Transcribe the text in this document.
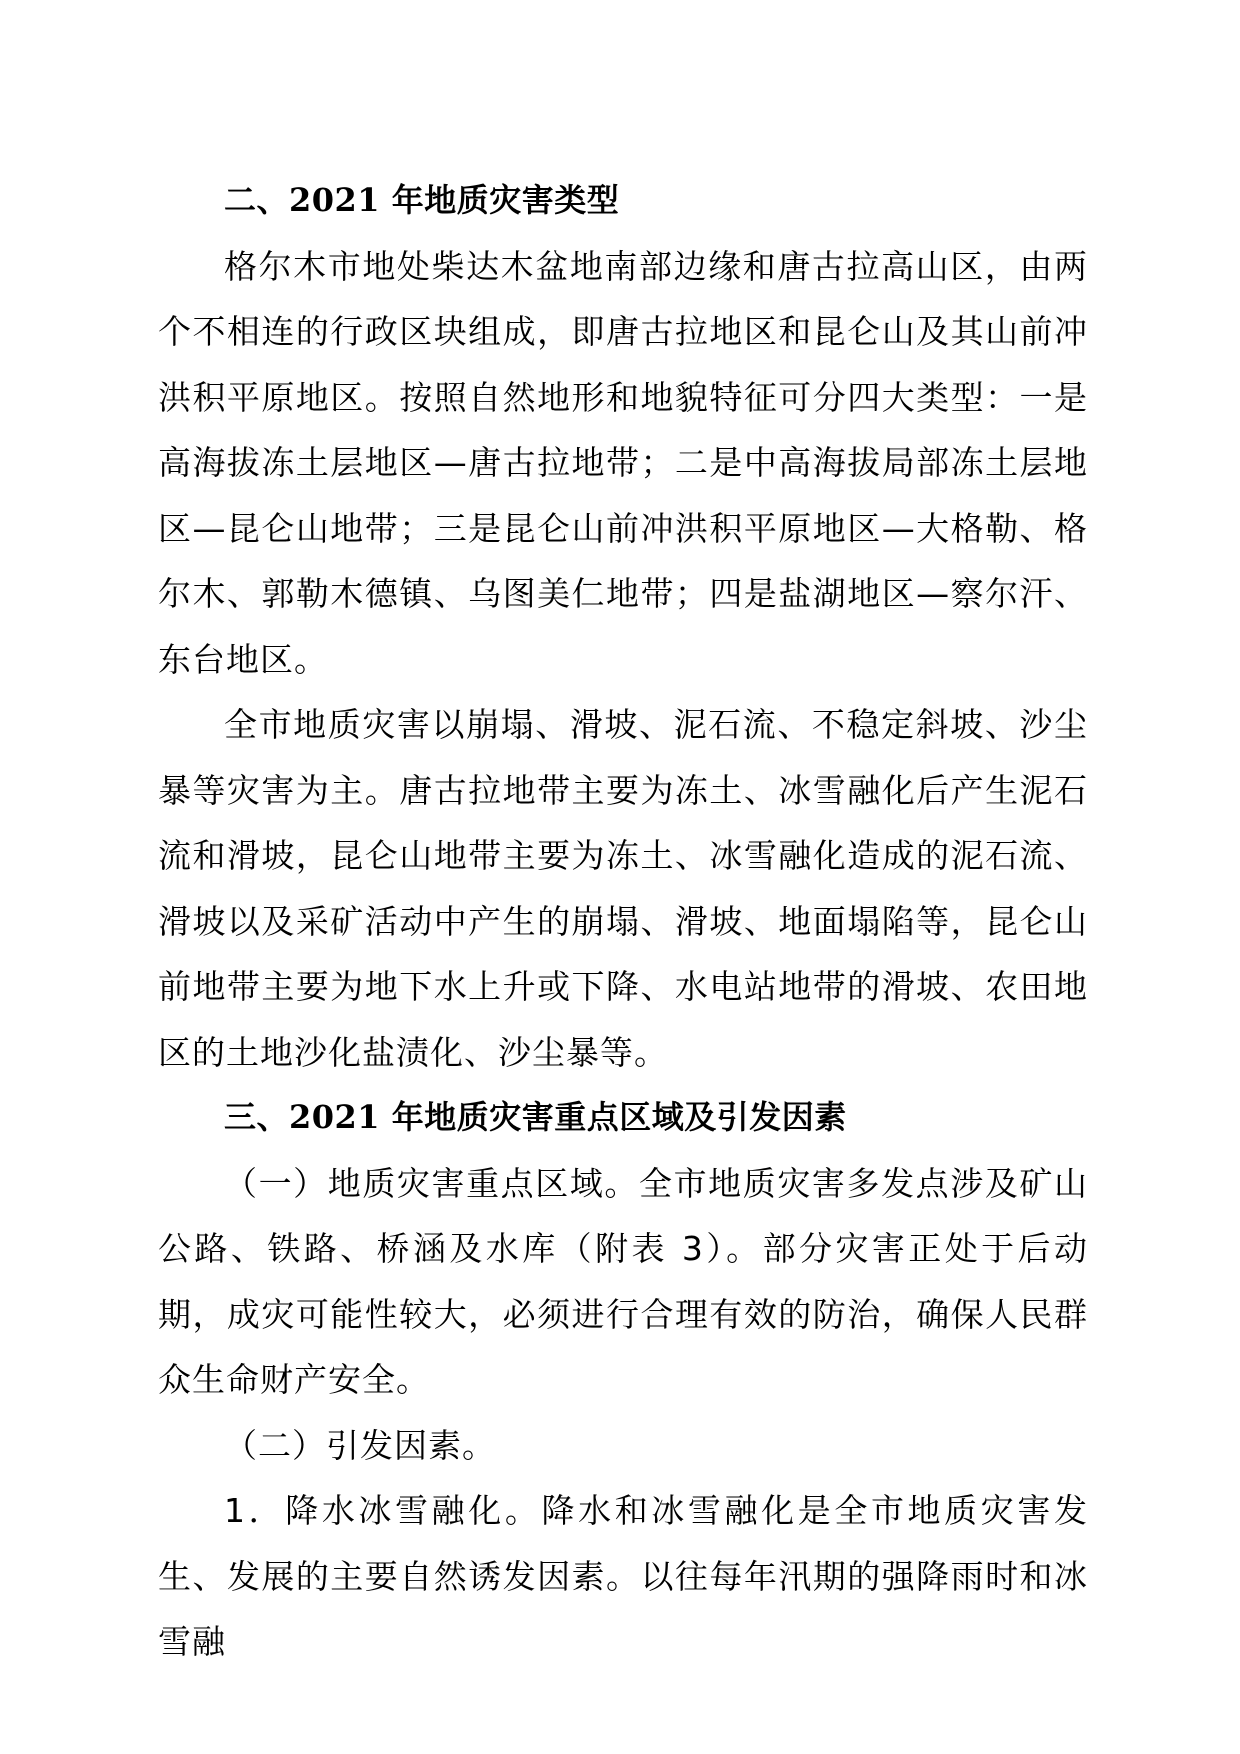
二、2021 年地质灾害类型

格尔木市地处柴达木盆地南部边缘和唐古拉高山区，由两个不相连的行政区块组成，即唐古拉地区和昆仑山及其山前冲洪积平原地区。按照自然地形和地貌特征可分四大类型：一是高海拔冻土层地区—唐古拉地带；二是中高海拔局部冻土层地区—昆仑山地带；三是昆仑山前冲洪积平原地区—大格勒、格尔木、郭勒木德镇、乌图美仁地带；四是盐湖地区—察尔汗、东台地区。

全市地质灾害以崩塌、滑坡、泥石流、不稳定斜坡、沙尘暴等灾害为主。唐古拉地带主要为冻土、冰雪融化后产生泥石流和滑坡，昆仑山地带主要为冻土、冰雪融化造成的泥石流、滑坡以及采矿活动中产生的崩塌、滑坡、地面塌陷等，昆仑山前地带主要为地下水上升或下降、水电站地带的滑坡、农田地区的土地沙化盐渍化、沙尘暴等。

三、2021 年地质灾害重点区域及引发因素

（一）地质灾害重点区域。全市地质灾害多发点涉及矿山公路、铁路、桥涵及水库（附表 3）。部分灾害正处于后动期，成灾可能性较大，必须进行合理有效的防治，确保人民群众生命财产安全。

（二）引发因素。

1．降水冰雪融化。降水和冰雪融化是全市地质灾害发生、发展的主要自然诱发因素。以往每年汛期的强降雨时和冰雪融
